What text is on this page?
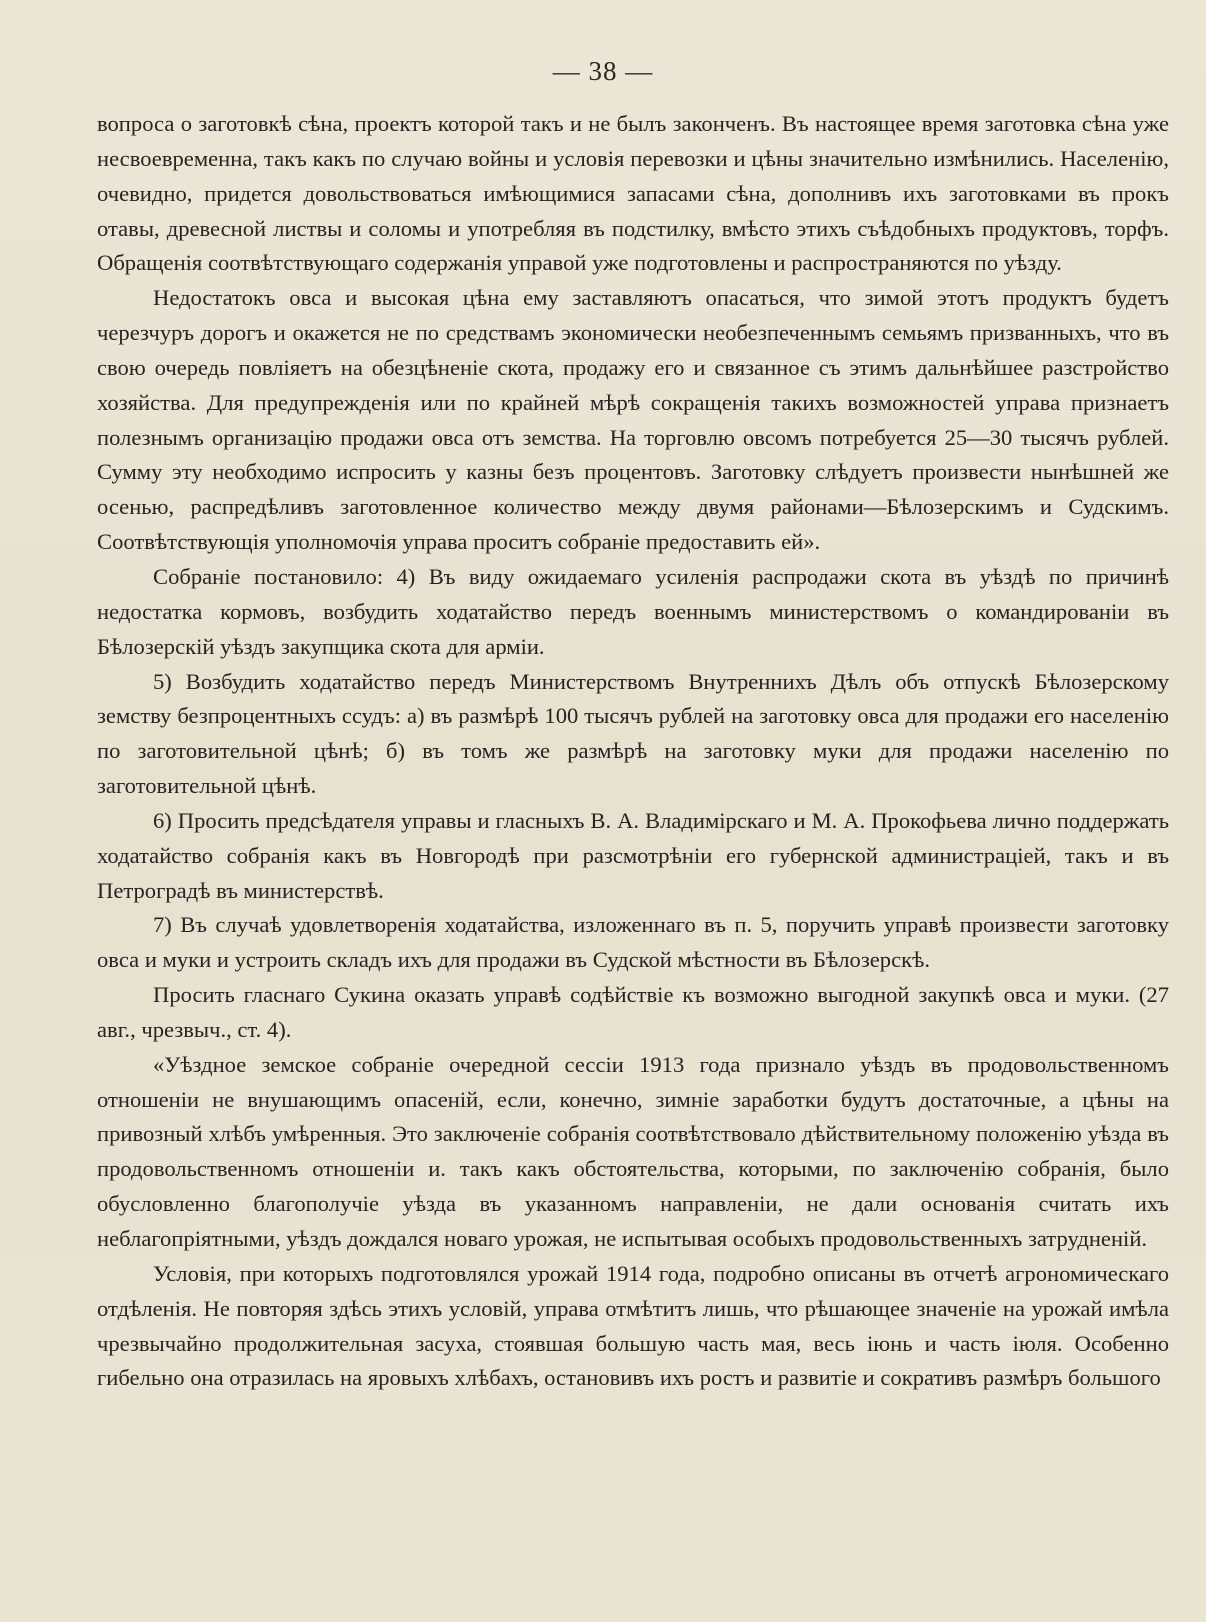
— 38 —

вопроса о заготовкѣ сѣна, проектъ которой такъ и не былъ законченъ. Въ настоящее время заготовка сѣна уже несвоевременна, такъ какъ по случаю войны и условія перевозки и цѣны значительно измѣнились. Населенію, очевидно, придется довольствоваться имѣющимися запасами сѣна, дополнивъ ихъ заготовками въ прокъ отавы, древесной листвы и соломы и употребляя въ подстилку, вмѣсто этихъ съѣдобныхъ продуктовъ, торфъ. Обращенія соотвѣтствующаго содержанія управой уже подготовлены и распространяются по уѣзду.

Недостатокъ овса и высокая цѣна ему заставляютъ опасаться, что зимой этотъ продуктъ будетъ черезчуръ дорогъ и окажется не по средствамъ экономически необезпеченнымъ семьямъ призванныхъ, что въ свою очередь повліяетъ на обезцѣненіе скота, продажу его и связанное съ этимъ дальнѣйшее разстройство хозяйства. Для предупрежденія или по крайней мѣрѣ сокращенія такихъ возможностей управа признаетъ полезнымъ организацію продажи овса отъ земства. На торговлю овсомъ потребуется 25—30 тысячъ рублей. Сумму эту необходимо испросить у казны безъ процентовъ. Заготовку слѣдуетъ произвести нынѣшней же осенью, распредѣливъ заготовленное количество между двумя районами—Бѣлозерскимъ и Судскимъ. Соотвѣтствующія уполномочія управа проситъ собраніе предоставить ей».

Собраніе постановило: 4) Въ виду ожидаемаго усиленія распродажи скота въ уѣздѣ по причинѣ недостатка кормовъ, возбудить ходатайство передъ военнымъ министерствомъ о командированіи въ Бѣлозерскій уѣздъ закупщика скота для арміи.

5) Возбудить ходатайство передъ Министерствомъ Внутреннихъ Дѣлъ объ отпускѣ Бѣлозерскому земству безпроцентныхъ ссудъ: а) въ размѣрѣ 100 тысячъ рублей на заготовку овса для продажи его населенію по заготовительной цѣнѣ; б) въ томъ же размѣрѣ на заготовку муки для продажи населенію по заготовительной цѣнѣ.

6) Просить предсѣдателя управы и гласныхъ В. А. Владимірскаго и М. А. Прокофьева лично поддержать ходатайство собранія какъ въ Новгородѣ при разсмотрѣніи его губернской администраціей, такъ и въ Петроградѣ въ министерствѣ.

7) Въ случаѣ удовлетворенія ходатайства, изложеннаго въ п. 5, поручить управѣ произвести заготовку овса и муки и устроить складъ ихъ для продажи въ Судской мѣстности въ Бѣлозерскѣ.

Просить гласнаго Сукина оказать управѣ содѣйствіе къ возможно выгодной закупкѣ овса и муки. (27 авг., чрезвыч., ст. 4).

«Уѣздное земское собраніе очередной сессіи 1913 года признало уѣздъ въ продовольственномъ отношеніи не внушающимъ опасеній, если, конечно, зимніе заработки будутъ достаточные, а цѣны на привозный хлѣбъ умѣренныя. Это заключеніе собранія соотвѣтствовало дѣйствительному положенію уѣзда въ продовольственномъ отношеніи и. такъ какъ обстоятельства, которыми, по заключенію собранія, было обусловленно благополучіе уѣзда въ указанномъ направленіи, не дали основанія считать ихъ неблагопріятными, уѣздъ дождался новаго урожая, не испытывая особыхъ продовольственныхъ затрудненій.

Условія, при которыхъ подготовлялся урожай 1914 года, подробно описаны въ отчетѣ агрономическаго отдѣленія. Не повторяя здѣсь этихъ условій, управа отмѣтитъ лишь, что рѣшающее значеніе на урожай имѣла чрезвычайно продолжительная засуха, стоявшая большую часть мая, весь іюнь и часть іюля. Особенно гибельно она отразилась на яровыхъ хлѣбахъ, остановивъ ихъ ростъ и развитіе и сокративъ размѣръ большого
